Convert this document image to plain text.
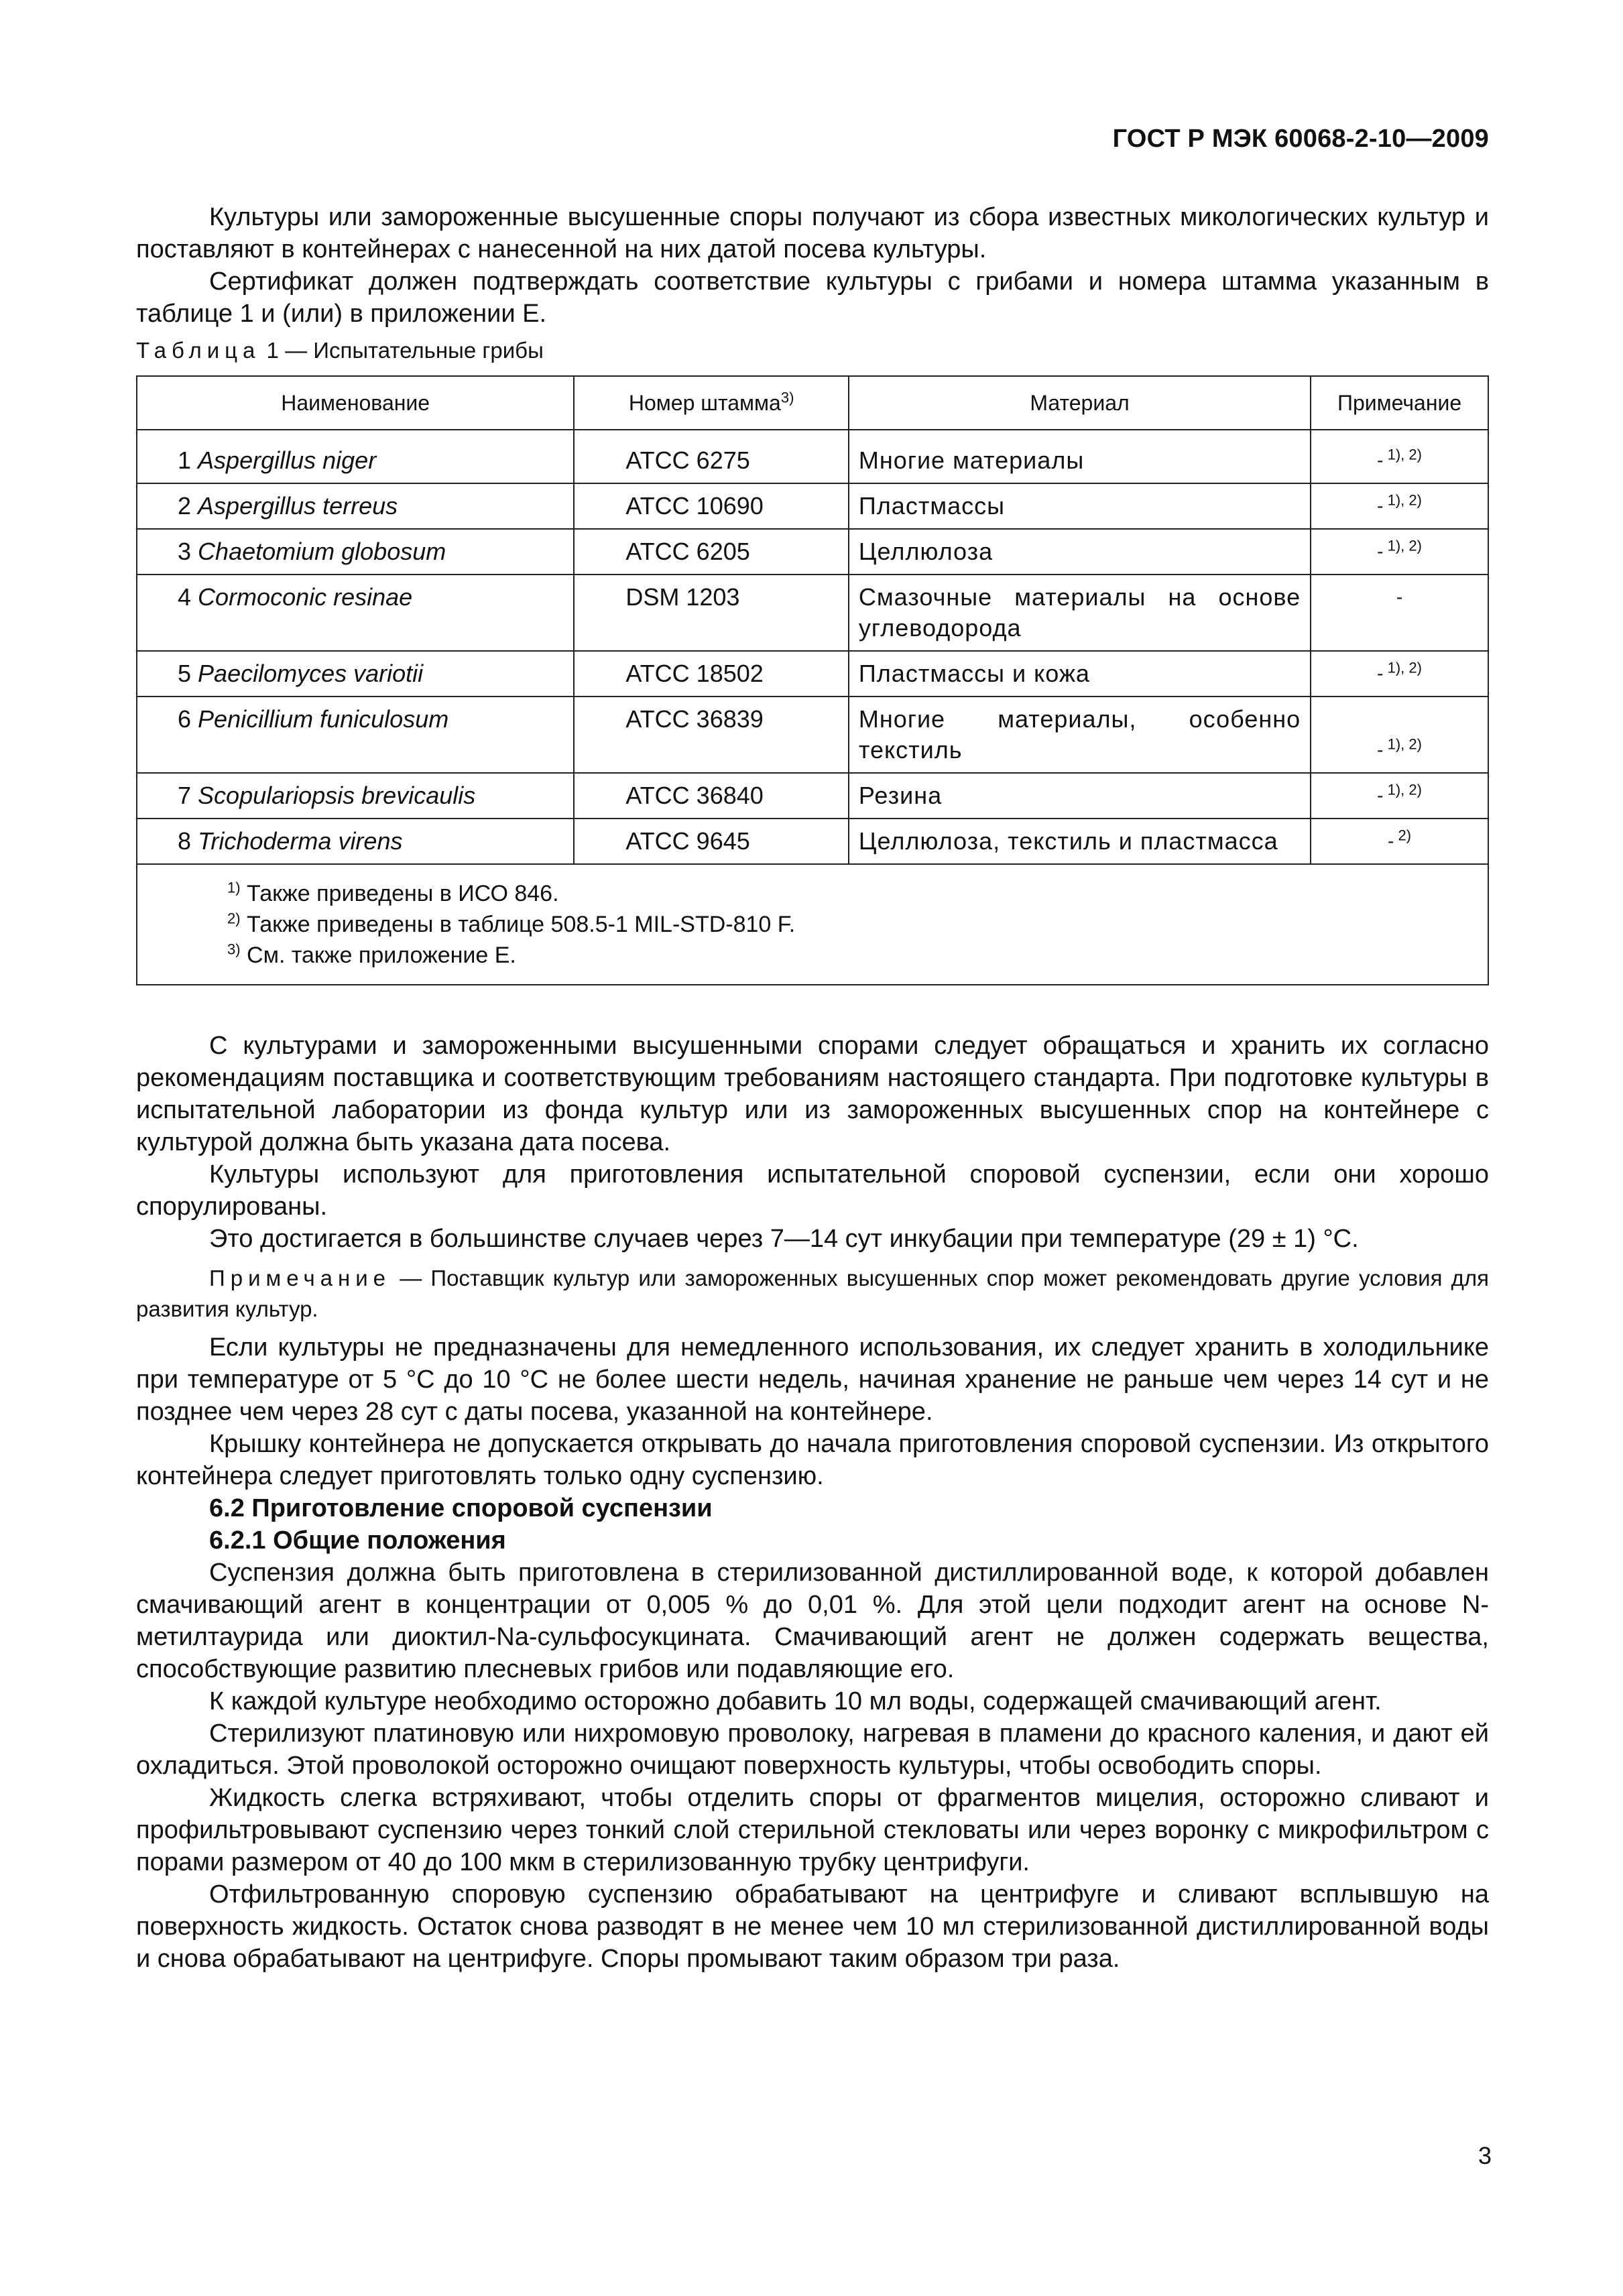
ГОСТ Р МЭК 60068-2-10—2009

Культуры или замороженные высушенные споры получают из сбора известных микологических культур и поставляют в контейнерах с нанесенной на них датой посева культуры.

Сертификат должен подтверждать соответствие культуры с грибами и номера штамма указанным в таблице 1 и (или) в приложении Е.

Таблица 1 — Испытательные грибы
Наименование	Номер штамма$^{3)}$	Материал	Примечание
1 Aspergillus niger	ATCC 6275	Многие материалы	- $^{1), 2)}$
2 Aspergillus terreus	ATCC 10690	Пластмассы	- $^{1), 2)}$
3 Chaetomium globosum	ATCC 6205	Целлюлоза	- $^{1), 2)}$
4 Cormoconic resinae	DSM 1203	Смазочные материалы на основе углеводорода	-
5 Paecilomyces variotii	ATCC 18502	Пластмассы и кожа	- $^{1), 2)}$
6 Penicillium funiculosum	ATCC 36839	Многие материалы, особенно текстиль	- $^{1), 2)}$
7 Scopulariopsis brevicaulis	ATCC 36840	Резина	- $^{1), 2)}$
8 Trichoderma virens	ATCC 9645	Целлюлоза, текстиль и пластмасса	- $^{2)}$

$^{1)}$ Также приведены в ИСО 846.
$^{2)}$ Также приведены в таблице 508.5-1 MIL-STD-810 F.
$^{3)}$ См. также приложение Е.			

С культурами и замороженными высушенными спорами следует обращаться и хранить их согласно рекомендациям поставщика и соответствующим требованиям настоящего стандарта. При подготовке культуры в испытательной лаборатории из фонда культур или из замороженных высушенных спор на контейнере с культурой должна быть указана дата посева.

Культуры используют для приготовления испытательной споровой суспензии, если они хорошо спорулированы.

Это достигается в большинстве случаев через 7—14 сут инкубации при температуре (29 ± 1) °С.

Примечание — Поставщик культур или замороженных высушенных спор может рекомендовать другие условия для развития культур.

Если культуры не предназначены для немедленного использования, их следует хранить в холодильнике при температуре от 5 °С до 10 °С не более шести недель, начиная хранение не раньше чем через 14 сут и не позднее чем через 28 сут с даты посева, указанной на контейнере.

Крышку контейнера не допускается открывать до начала приготовления споровой суспензии. Из открытого контейнера следует приготовлять только одну суспензию.

6.2 Приготовление споровой суспензии
6.2.1 Общие положения

Суспензия должна быть приготовлена в стерилизованной дистиллированной воде, к которой добавлен смачивающий агент в концентрации от 0,005 % до 0,01 %. Для этой цели подходит агент на основе N-метилтаурида или диоктил-Na-сульфосукцината. Смачивающий агент не должен содержать вещества, способствующие развитию плесневых грибов или подавляющие его.

К каждой культуре необходимо осторожно добавить 10 мл воды, содержащей смачивающий агент.

Стерилизуют платиновую или нихромовую проволоку, нагревая в пламени до красного каления, и дают ей охладиться. Этой проволокой осторожно очищают поверхность культуры, чтобы освободить споры.

Жидкость слегка встряхивают, чтобы отделить споры от фрагментов мицелия, осторожно сливают и профильтровывают суспензию через тонкий слой стерильной стекловаты или через воронку с микрофильтром с порами размером от 40 до 100 мкм в стерилизованную трубку центрифуги.

Отфильтрованную споровую суспензию обрабатывают на центрифуге и сливают всплывшую на поверхность жидкость. Остаток снова разводят в не менее чем 10 мл стерилизованной дистиллированной воды и снова обрабатывают на центрифуге. Споры промывают таким образом три раза.

3
